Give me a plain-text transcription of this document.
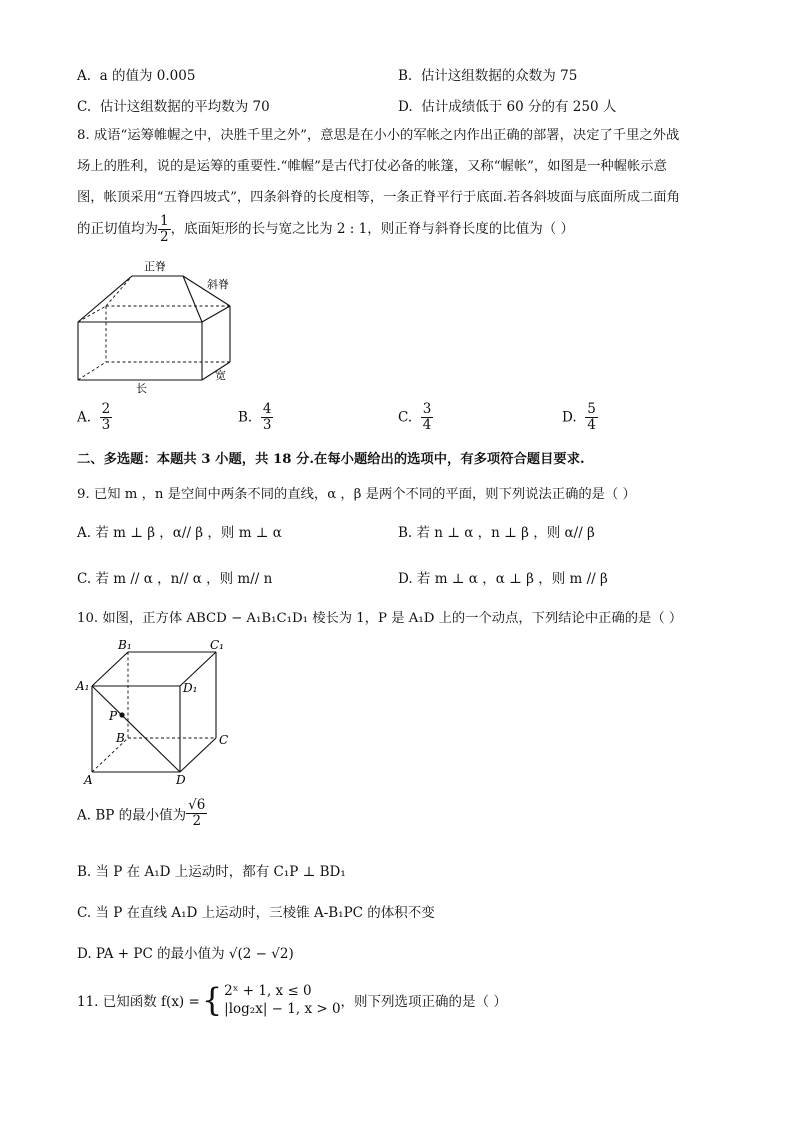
A. a 的值为 0.005	B. 估计这组数据的众数为 75
C. 估计这组数据的平均数为 70	D. 估计成绩低于 60 分的有 250 人
8. 成语“运筹帷幄之中，决胜千里之外”，意思是在小小的军帐之内作出正确的部署，决定了千里之外战
场上的胜利，说的是运筹的重要性.“帷幄”是古代打仗必备的帐篷，又称“幄帐”，如图是一种幄帐示意
图，帐顶采用“五脊四坡式”，四条斜脊的长度相等，一条正脊平行于底面.若各斜坡面与底面所成二面角
的正切值均为 $\frac{1}{2}$ ，底面矩形的长与宽之比为 2 : 1，则正脊与斜脊长度的比值为（ ）
正脊
斜脊
长
宽
A. $\frac{2}{3}$	B. $\frac{4}{3}$	C. $\frac{3}{4}$	D. $\frac{5}{4}$
二、多选题：本题共 3 小题，共 18 分.在每小题给出的选项中，有多项符合题目要求.
9. 已知 m ，n 是空间中两条不同的直线，α ，β 是两个不同的平面，则下列说法正确的是（ ）
A. 若 m ⊥ β ，α// β ，则 m ⊥ α	B. 若 n ⊥ α ，n ⊥ β ，则 α// β
C. 若 m // α ，n// α ，则 m// n	D. 若 m ⊥ α ，α ⊥ β ，则 m // β
10. 如图，正方体 ABCD − A₁B₁C₁D₁ 棱长为 1，P 是 A₁D 上的一个动点，下列结论中正确的是（ ）
B₁	C₁
A₁	D₁
P
B	C
A	D
A. BP 的最小值为 $\frac{√6}{2}$
B. 当 P 在 A₁D 上运动时，都有 C₁P ⊥ BD₁
C. 当 P 在直线 A₁D 上运动时，三棱锥 A-B₁PC 的体积不变
D. PA + PC 的最小值为 √(2 − √2)
11. 已知函数 f(x) = { 2ˣ + 1, x ≤ 0
|log₂x| − 1, x > 0 ，则下列选项正确的是（ ）
